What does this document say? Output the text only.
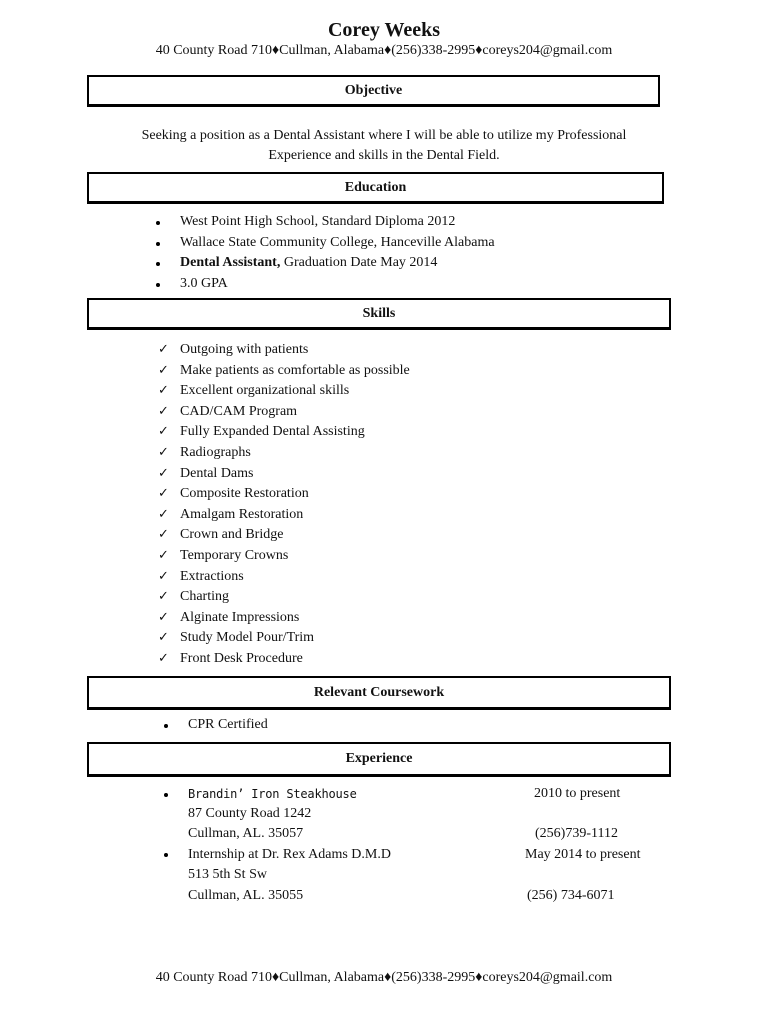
Corey Weeks
40 County Road 710♦Cullman, Alabama♦(256)338-2995♦coreys204@gmail.com
Objective
Seeking a position as a Dental Assistant where I will be able to utilize my Professional Experience and skills in the Dental Field.
Education
West Point High School, Standard Diploma 2012
Wallace State Community College, Hanceville Alabama
Dental Assistant, Graduation Date May 2014
3.0 GPA
Skills
✓ Outgoing with patients
✓ Make patients as comfortable as possible
✓ Excellent organizational skills
✓ CAD/CAM Program
✓ Fully Expanded Dental Assisting
✓ Radiographs
✓ Dental Dams
✓ Composite Restoration
✓ Amalgam Restoration
✓ Crown and Bridge
✓ Temporary Crowns
✓ Extractions
✓ Charting
✓ Alginate Impressions
✓ Study Model Pour/Trim
✓ Front Desk Procedure
Relevant Coursework
CPR Certified
Experience
Brandin’ Iron Steakhouse	2010 to present
87 County Road 1242
Cullman, AL. 35057	(256)739-1112
Internship at Dr. Rex Adams D.M.D	May 2014 to present
513 5th St Sw
Cullman, AL. 35055	(256) 734-6071
40 County Road 710♦Cullman, Alabama♦(256)338-2995♦coreys204@gmail.com
